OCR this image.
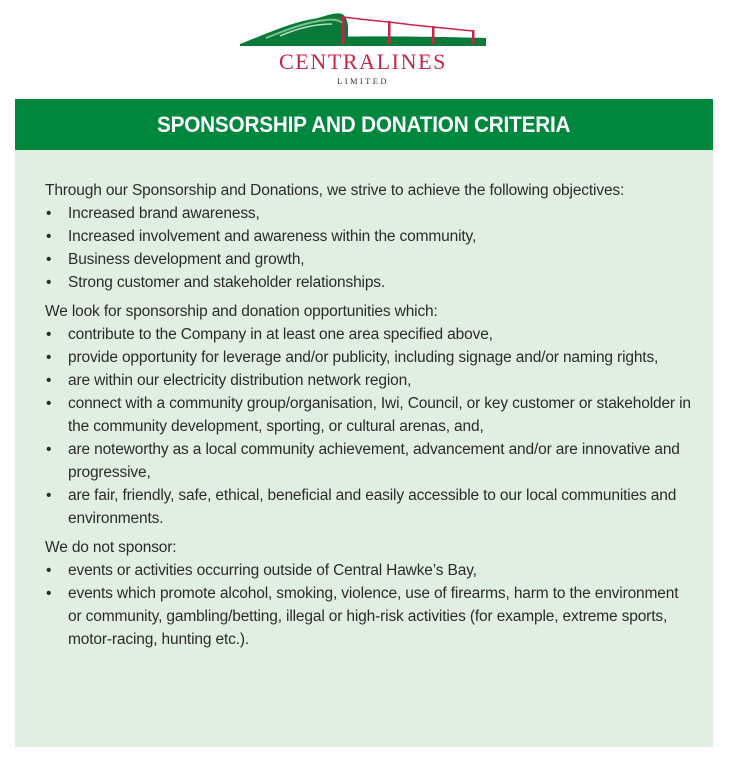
CENTRALINES
LIMITED
SPONSORSHIP AND DONATION CRITERIA

Through our Sponsorship and Donations, we strive to achieve the following objectives:

• Increased brand awareness,
• Increased involvement and awareness within the community,
• Business development and growth,
• Strong customer and stakeholder relationships.

We look for sponsorship and donation opportunities which:

• contribute to the Company in at least one area specified above,
• provide opportunity for leverage and/or publicity, including signage and/or naming rights,
• are within our electricity distribution network region,
• connect with a community group/organisation, Iwi, Council, or key customer or stakeholder in the community development, sporting, or cultural arenas, and,
• are noteworthy as a local community achievement, advancement and/or are innovative and progressive,
• are fair, friendly, safe, ethical, beneficial and easily accessible to our local communities and environments.

We do not sponsor:

• events or activities occurring outside of Central Hawke’s Bay,
• events which promote alcohol, smoking, violence, use of firearms, harm to the environment or community, gambling/betting, illegal or high-risk activities (for example, extreme sports, motor-racing, hunting etc.).
